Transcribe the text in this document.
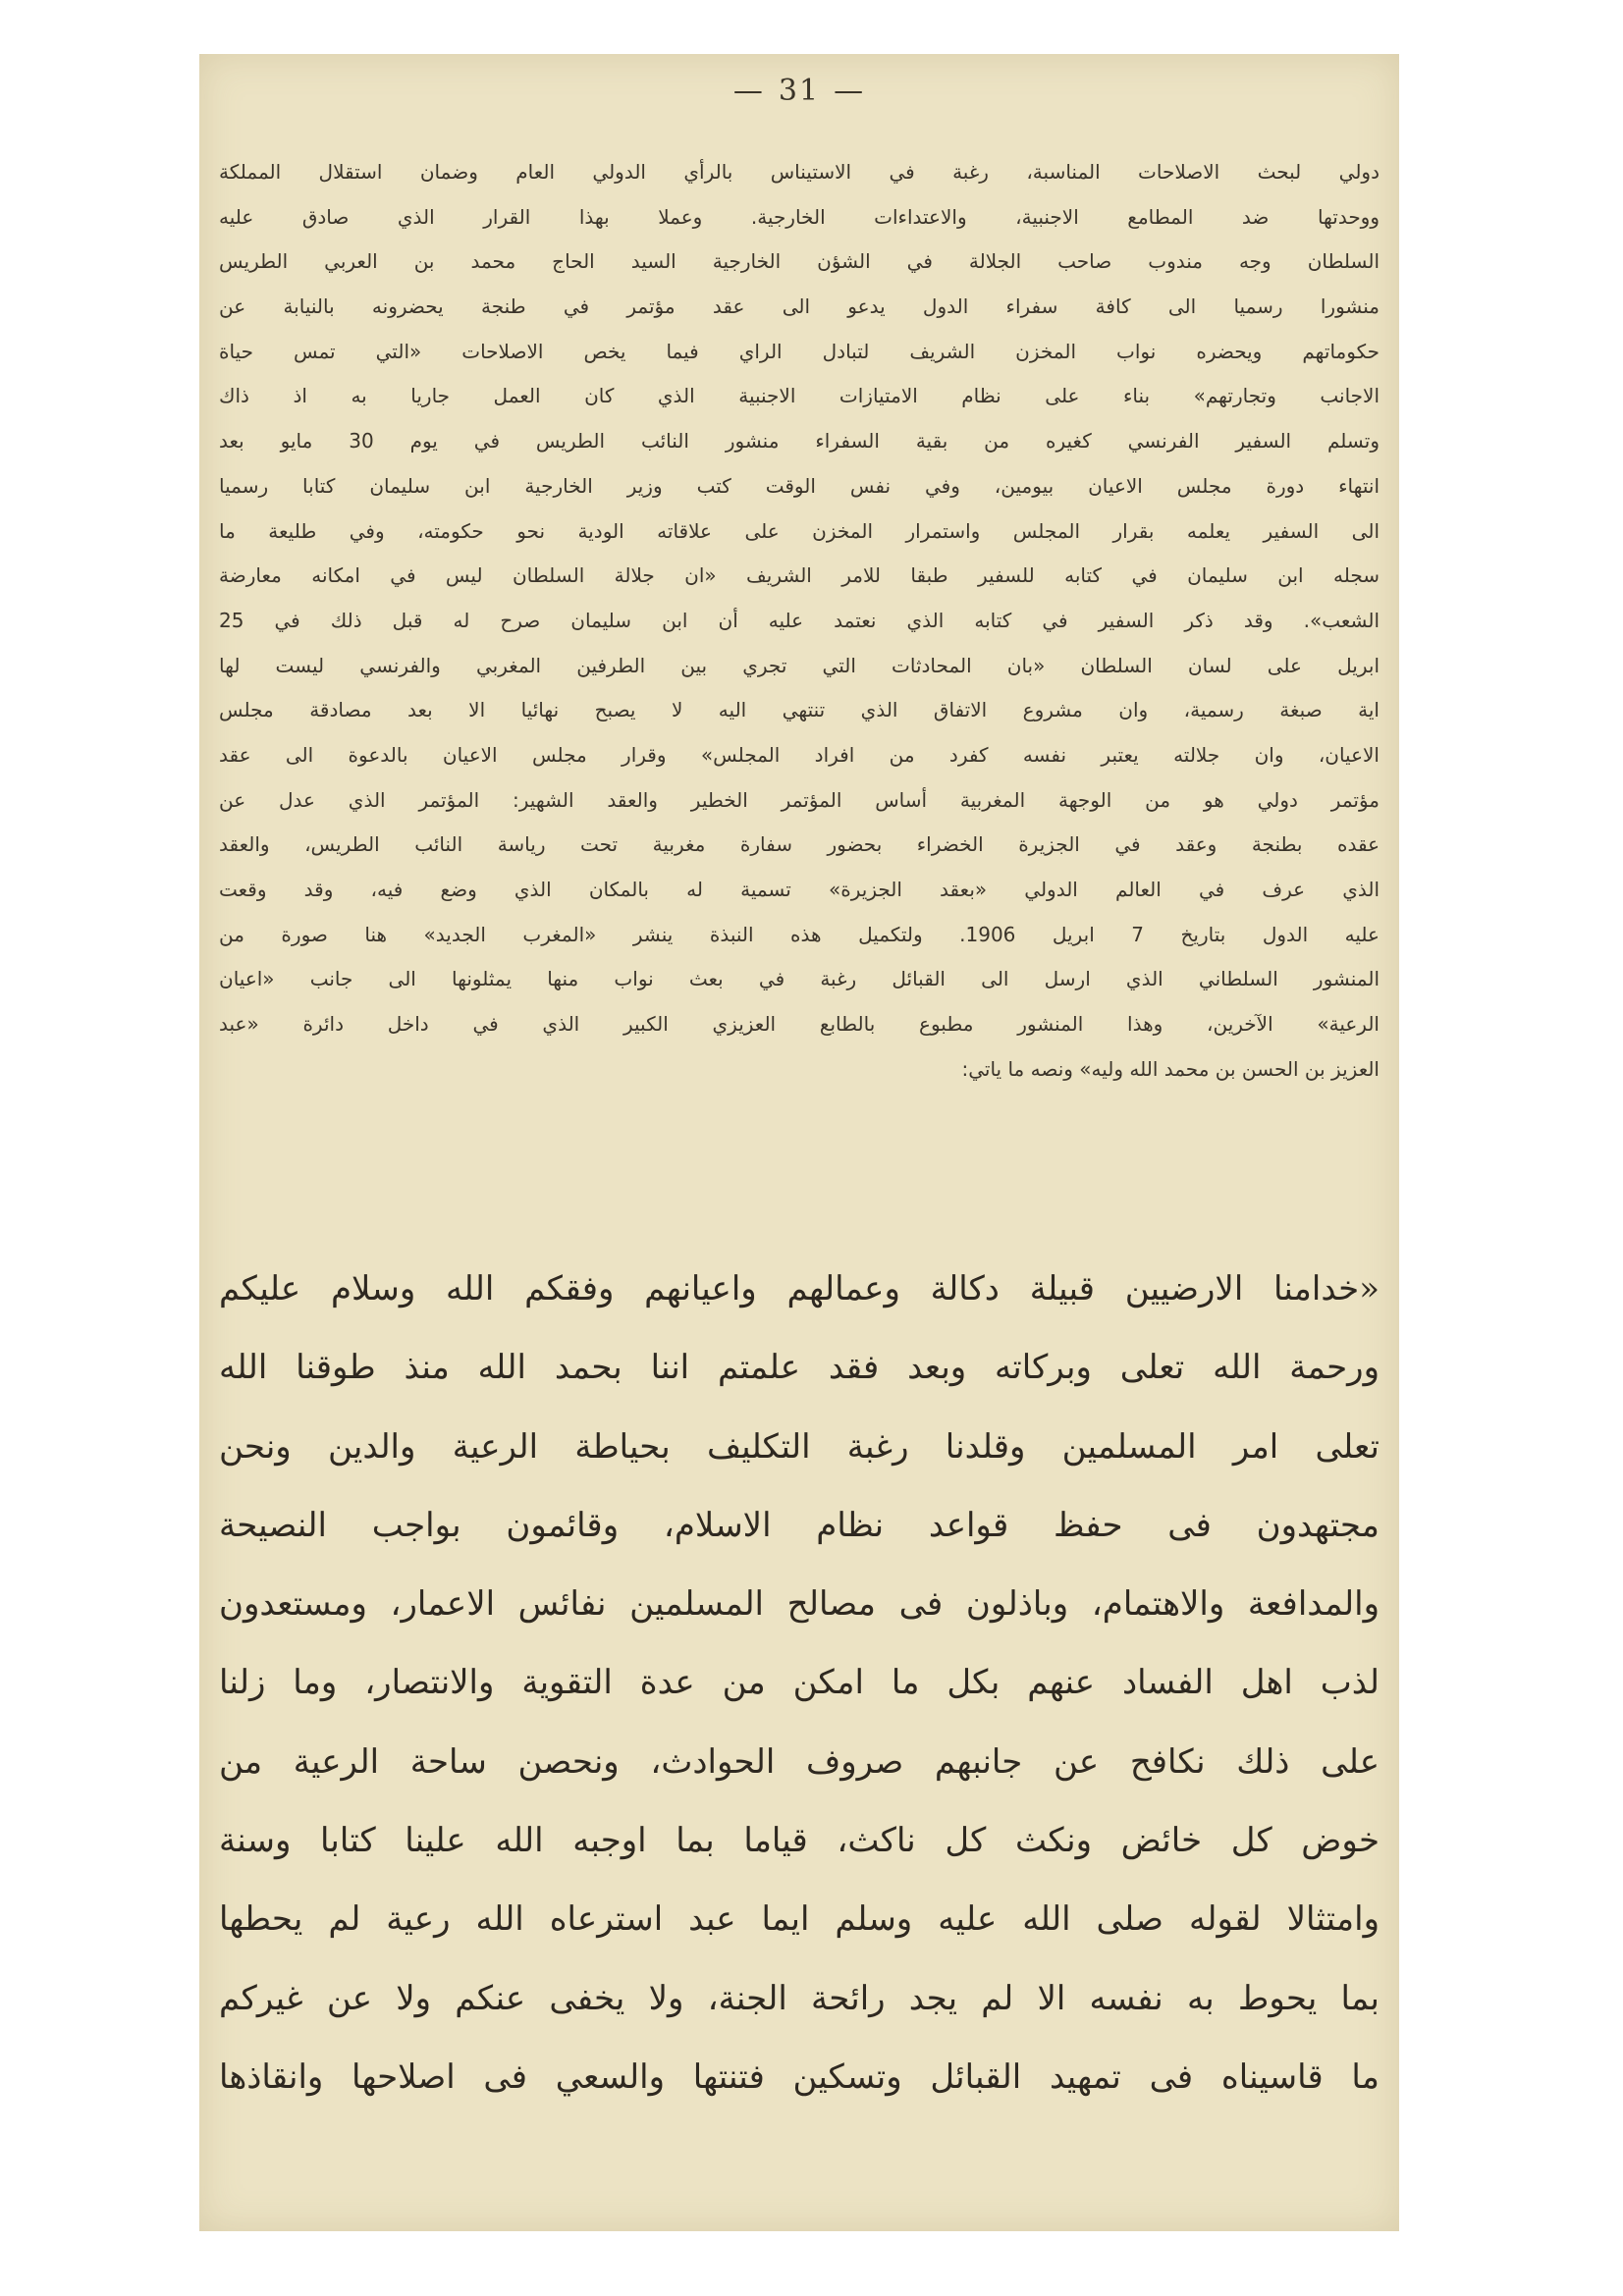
— 31 —
دولي لبحث الاصلاحات المناسبة، رغبة في الاستيناس بالرأي الدولي العام وضمان استقلال المملكة
ووحدتها ضد المطامع الاجنبية، والاعتداءات الخارجية. وعملا بهذا القرار الذي صادق عليه
السلطان وجه مندوب صاحب الجلالة في الشؤن الخارجية السيد الحاج محمد بن العربي الطريس
منشورا رسميا الى كافة سفراء الدول يدعو الى عقد مؤتمر في طنجة يحضرونه بالنيابة عن
حكوماتهم ويحضره نواب المخزن الشريف لتبادل الراي فيما يخص الاصلاحات «التي تمس حياة
الاجانب وتجارتهم» بناء على نظام الامتيازات الاجنبية الذي كان العمل جاريا به اذ ذاك
وتسلم السفير الفرنسي كغيره من بقية السفراء منشور النائب الطريس في يوم 30 مايو بعد
انتهاء دورة مجلس الاعيان بيومين، وفي نفس الوقت كتب وزير الخارجية ابن سليمان كتابا رسميا
الى السفير يعلمه بقرار المجلس واستمرار المخزن على علاقاته الودية نحو حكومته، وفي طليعة ما
سجله ابن سليمان في كتابه للسفير طبقا للامر الشريف «ان جلالة السلطان ليس في امكانه معارضة
الشعب». وقد ذكر السفير في كتابه الذي نعتمد عليه أن ابن سليمان صرح له قبل ذلك في 25
ابريل على لسان السلطان «بان المحادثات التي تجري بين الطرفين المغربي والفرنسي ليست لها
اية صبغة رسمية، وان مشروع الاتفاق الذي تنتهي اليه لا يصبح نهائيا الا بعد مصادقة مجلس
الاعيان، وان جلالته يعتبر نفسه كفرد من افراد المجلس» وقرار مجلس الاعيان بالدعوة الى عقد
مؤتمر دولي هو من الوجهة المغربية أساس المؤتمر الخطير والعقد الشهير: المؤتمر الذي عدل عن
عقده بطنجة وعقد في الجزيرة الخضراء بحضور سفارة مغربية تحت رياسة النائب الطريس، والعقد
الذي عرف في العالم الدولي «بعقد الجزيرة» تسمية له بالمكان الذي وضع فيه، وقد وقعت
عليه الدول بتاريخ 7 ابريل 1906. ولتكميل هذه النبذة ينشر «المغرب الجديد» هنا صورة من
المنشور السلطاني الذي ارسل الى القبائل رغبة في بعث نواب منها يمثلونها الى جانب «اعيان
الرعية» الآخرين، وهذا المنشور مطبوع بالطابع العزيزي الكبير الذي في داخل دائرة «عبد
العزيز بن الحسن بن محمد الله وليه» ونصه ما ياتي:
«خدامنا الارضيين قبيلة دكالة وعمالهم واعيانهم وفقكم الله وسلام عليكم
ورحمة الله تعلى وبركاته وبعد فقد علمتم اننا بحمد الله منذ طوقنا الله
تعلى امر المسلمين وقلدنا رغبة التكليف بحياطة الرعية والدين ونحن
مجتهدون فى حفظ قواعد نظام الاسلام، وقائمون بواجب النصيحة
والمدافعة والاهتمام، وباذلون فى مصالح المسلمين نفائس الاعمار، ومستعدون
لذب اهل الفساد عنهم بكل ما امكن من عدة التقوية والانتصار، وما زلنا
على ذلك نكافح عن جانبهم صروف الحوادث، ونحصن ساحة الرعية من
خوض كل خائض ونكث كل ناكث، قياما بما اوجبه الله علينا كتابا وسنة
وامتثالا لقوله صلى الله عليه وسلم ايما عبد استرعاه الله رعية لم يحطها
بما يحوط به نفسه الا لم يجد رائحة الجنة، ولا يخفى عنكم ولا عن غيركم
ما قاسيناه فى تمهيد القبائل وتسكين فتنتها والسعي فى اصلاحها وانقاذها
